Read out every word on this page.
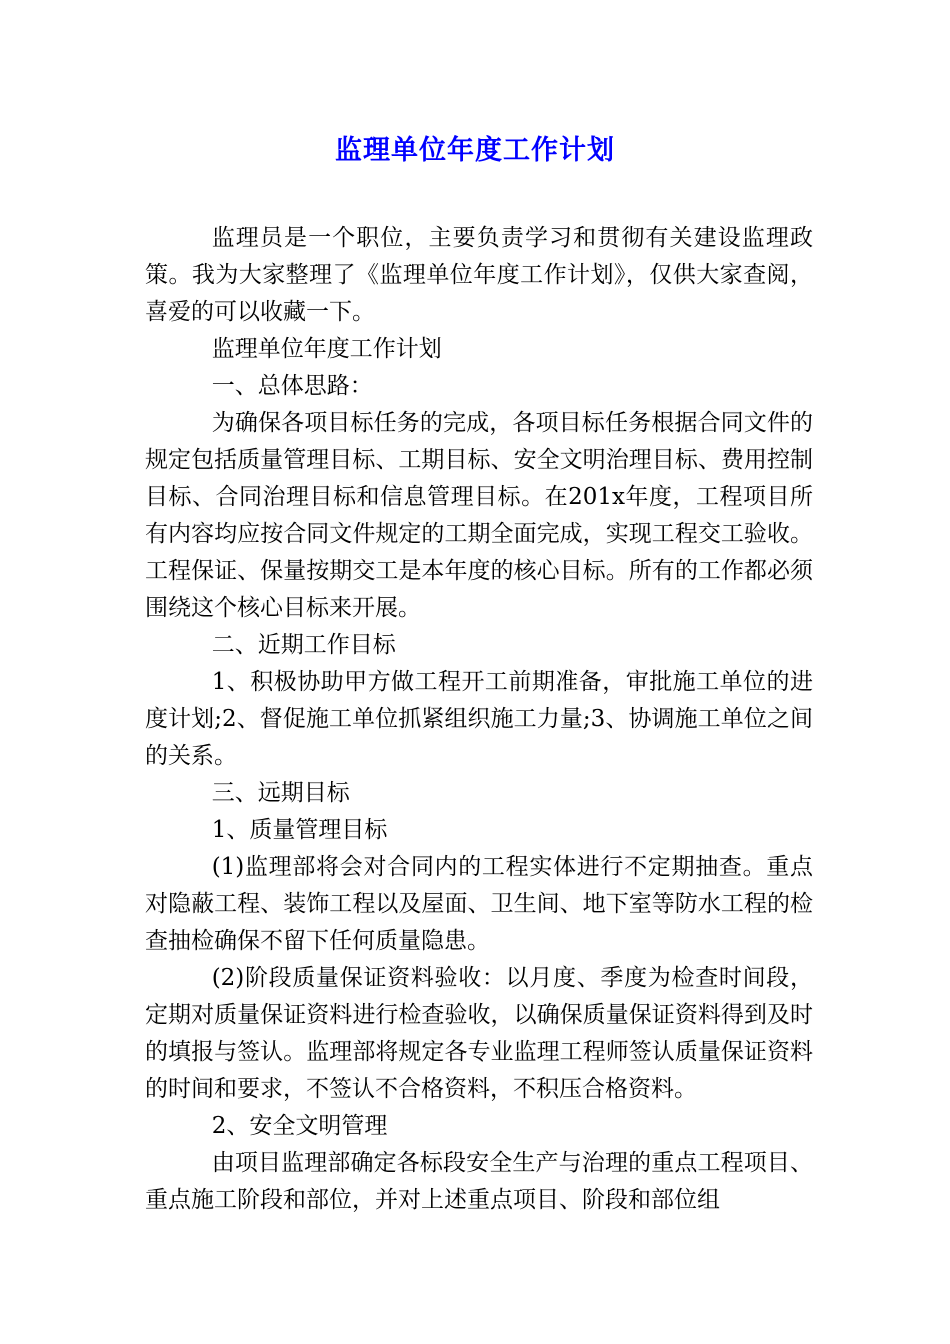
监理单位年度工作计划

监理员是一个职位，主要负责学习和贯彻有关建设监理政策。我为大家整理了《监理单位年度工作计划》，仅供大家查阅，喜爱的可以收藏一下。

监理单位年度工作计划

一、总体思路：

为确保各项目标任务的完成，各项目标任务根据合同文件的规定包括质量管理目标、工期目标、安全文明治理目标、费用控制目标、合同治理目标和信息管理目标。在201x年度，工程项目所有内容均应按合同文件规定的工期全面完成，实现工程交工验收。工程保证、保量按期交工是本年度的核心目标。所有的工作都必须围绕这个核心目标来开展。

二、近期工作目标

1、积极协助甲方做工程开工前期准备，审批施工单位的进度计划;2、督促施工单位抓紧组织施工力量;3、协调施工单位之间的关系。

三、远期目标

1、质量管理目标

(1)监理部将会对合同内的工程实体进行不定期抽查。重点对隐蔽工程、装饰工程以及屋面、卫生间、地下室等防水工程的检查抽检确保不留下任何质量隐患。

(2)阶段质量保证资料验收：以月度、季度为检查时间段，定期对质量保证资料进行检查验收，以确保质量保证资料得到及时的填报与签认。监理部将规定各专业监理工程师签认质量保证资料的时间和要求，不签认不合格资料，不积压合格资料。

2、安全文明管理

由项目监理部确定各标段安全生产与治理的重点工程项目、重点施工阶段和部位，并对上述重点项目、阶段和部位组
